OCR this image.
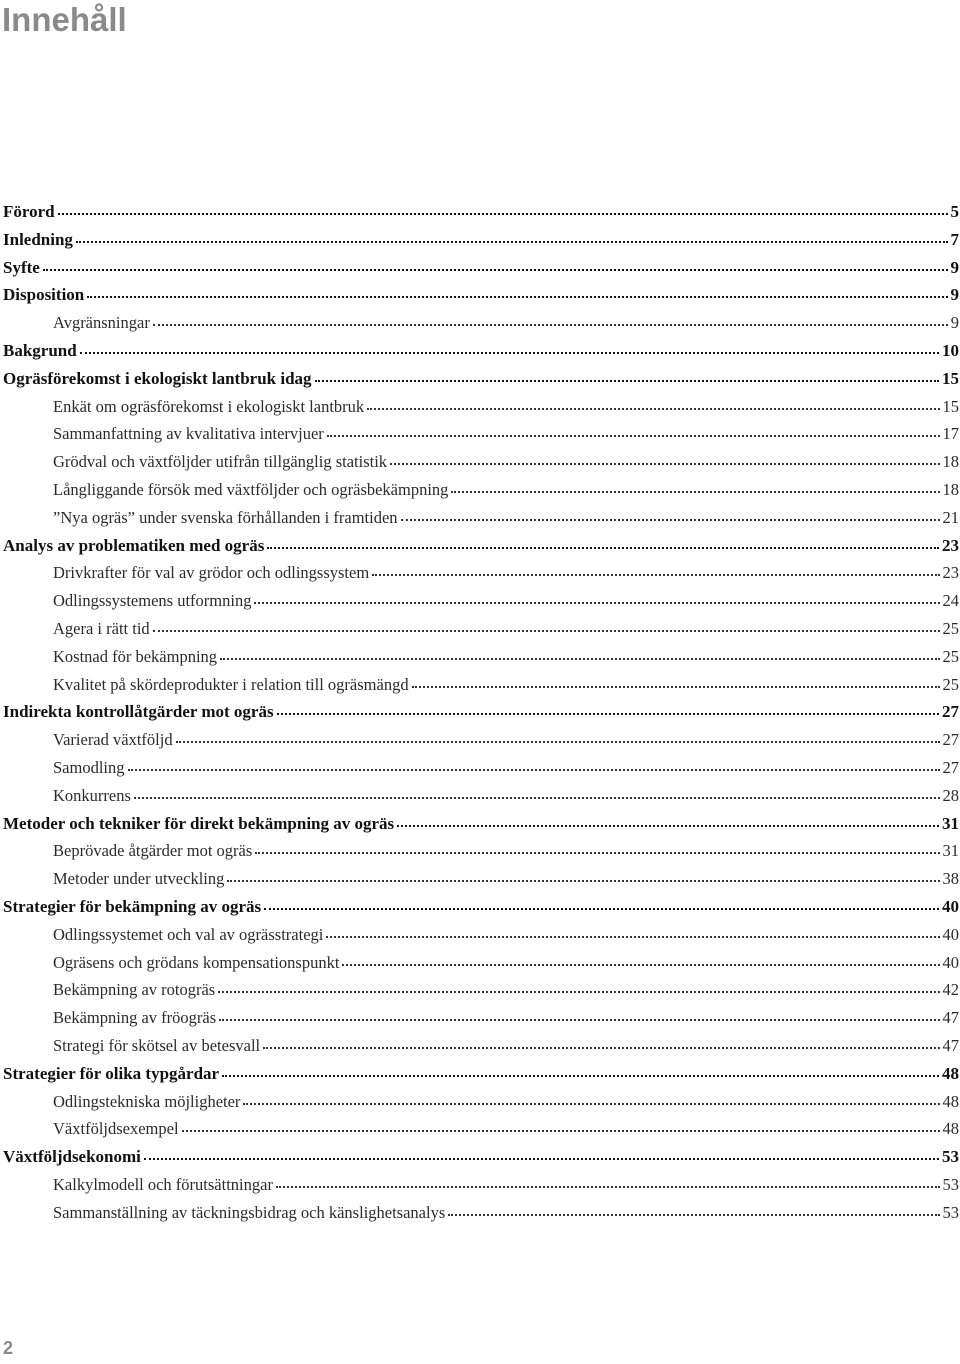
Innehåll
Förord	5
Inledning	7
Syfte	9
Disposition	9
Avgränsningar	9
Bakgrund	10
Ogräsförekomst i ekologiskt lantbruk idag	15
Enkät om ogräsförekomst i ekologiskt lantbruk	15
Sammanfattning av kvalitativa intervjuer	17
Grödval och växtföljder utifrån tillgänglig statistik	18
Långliggande försök med växtföljder och ogräsbekämpning	18
”Nya ogräs” under svenska förhållanden i framtiden	21
Analys av problematiken med ogräs	23
Drivkrafter för val av grödor och odlingssystem	23
Odlingssystemens utformning	24
Agera i rätt tid	25
Kostnad för bekämpning	25
Kvalitet på skördeprodukter i relation till ogräsmängd	25
Indirekta kontrollåtgärder mot ogräs	27
Varierad växtföljd	27
Samodling	27
Konkurrens	28
Metoder och tekniker för direkt bekämpning av ogräs	31
Beprövade åtgärder mot ogräs	31
Metoder under utveckling	38
Strategier för bekämpning av ogräs	40
Odlingssystemet och val av ogrässtrategi	40
Ogräsens och grödans kompensationspunkt	40
Bekämpning av rotogräs	42
Bekämpning av fröogräs	47
Strategi för skötsel av betesvall	47
Strategier för olika typgårdar	48
Odlingstekniska möjligheter	48
Växtföljdsexempel	48
Växtföljdsekonomi	53
Kalkylmodell och förutsättningar	53
Sammanställning av täckningsbidrag och känslighetsanalys	53
2
